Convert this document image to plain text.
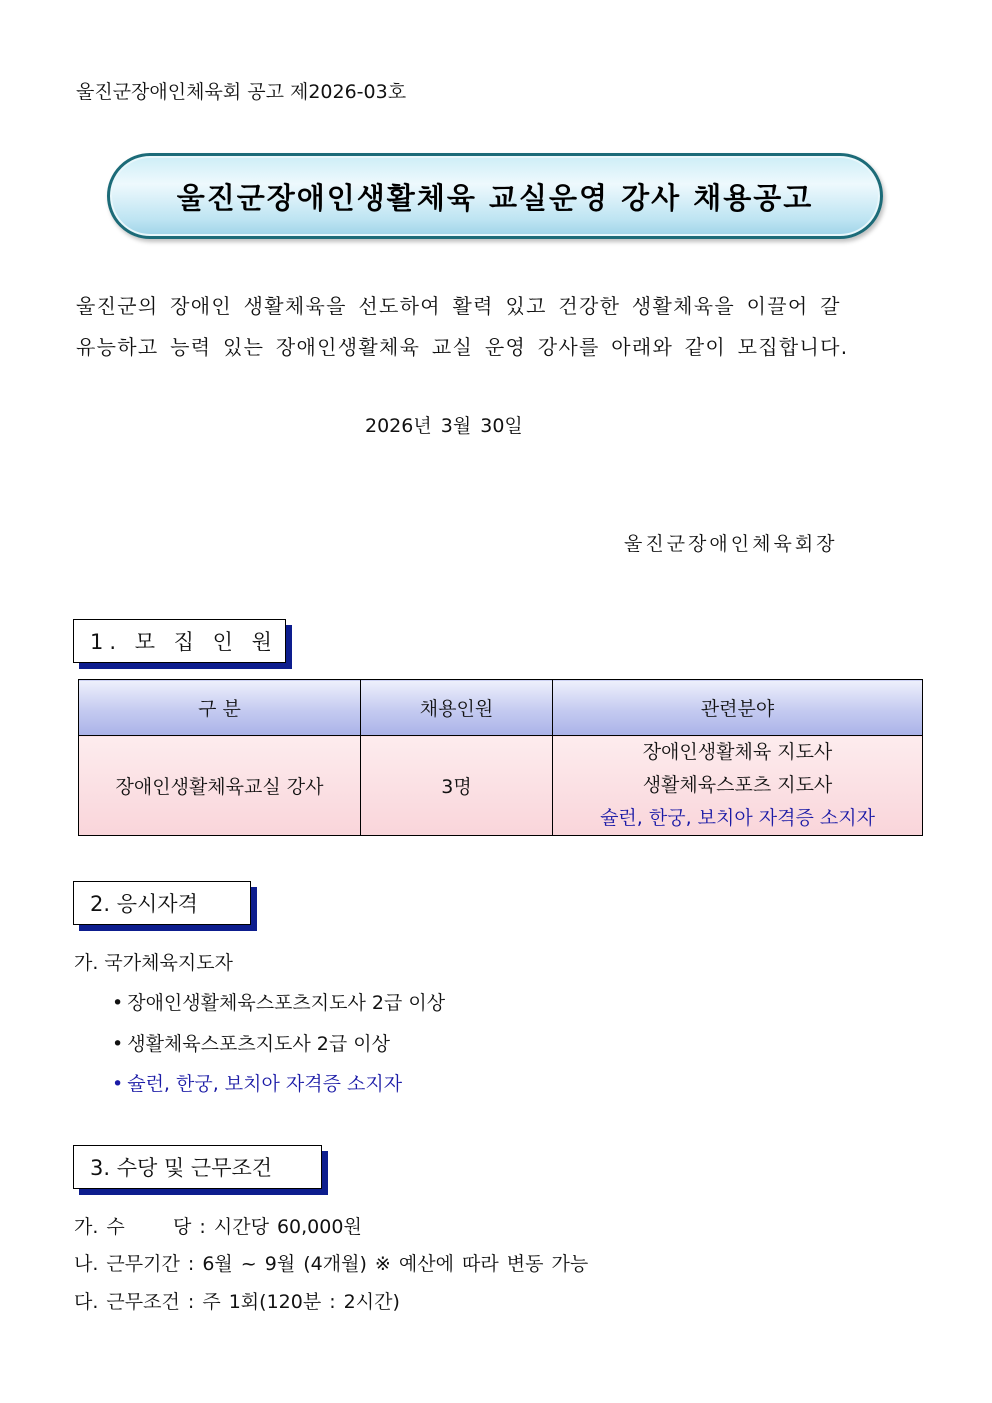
울진군장애인체육회 공고 제2026-03호
울진군장애인생활체육 교실운영 강사 채용공고
울진군의 장애인 생활체육을 선도하여 활력 있고 건강한 생활체육을 이끌어 갈
유능하고 능력 있는 장애인생활체육 교실 운영 강사를 아래와 같이 모집합니다.
2026년 3월 30일
울진군장애인체육회장
1. 모 집 인 원
구 분	채용인원	관련분야
장애인생활체육교실 강사	3명	장애인생활체육 지도사
생활체육스포츠 지도사
슐런, 한궁, 보치아 자격증 소지자
2. 응시자격
가. 국가체육지도자
• 장애인생활체육스포츠지도사 2급 이상
• 생활체육스포츠지도사 2급 이상
• 슐런, 한궁, 보치아 자격증 소지자
3. 수당 및 근무조건
가. 수      당 : 시간당 60,000원
나. 근무기간 : 6월 ~ 9월 (4개월) ※ 예산에 따라 변동 가능
다. 근무조건 : 주 1회(120분 : 2시간)
